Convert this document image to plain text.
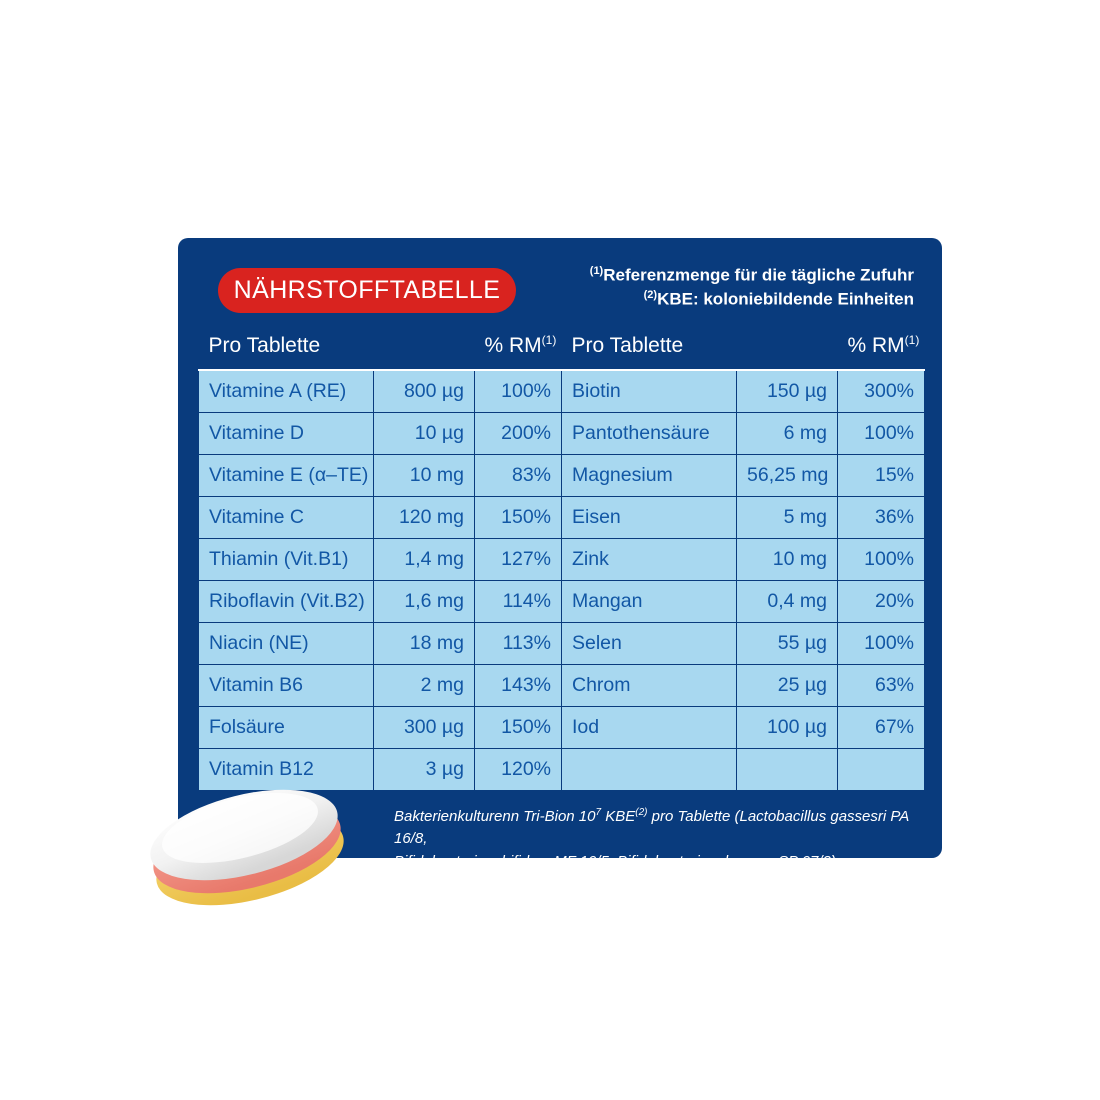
NÄHRSTOFFTABELLE
$^{(1)}$Referenzmenge für die tägliche Zufuhr
$^{(2)}$KBE: koloniebildende Einheiten
Pro Tablette		% RM$^{(1)}$	Pro Tablette		% RM$^{(1)}$
Vitamine A (RE)	800 µg	100%	Biotin	150 µg	300%
Vitamine D	10 µg	200%	Pantothensäure	6 mg	100%
Vitamine E (α–TE)	10 mg	83%	Magnesium	56,25 mg	15%
Vitamine C	120 mg	150%	Eisen	5 mg	36%
Thiamin (Vit.B1)	1,4 mg	127%	Zink	10 mg	100%
Riboflavin (Vit.B2)	1,6 mg	114%	Mangan	0,4 mg	20%
Niacin (NE)	18 mg	113%	Selen	55 µg	100%
Vitamin B6	2 mg	143%	Chrom	25 µg	63%
Folsäure	300 µg	150%	Iod	100 µg	67%
Vitamin B12	3 µg	120%			
Bakterienkulturenn Tri-Bion $10^7$ KBE$^{(2)}$ pro Tablette (Lactobacillus gassesri PA 16/8,
Bifidobacterium bifidum MF 10/5, Bifidobacterium longum SP 07/3)
